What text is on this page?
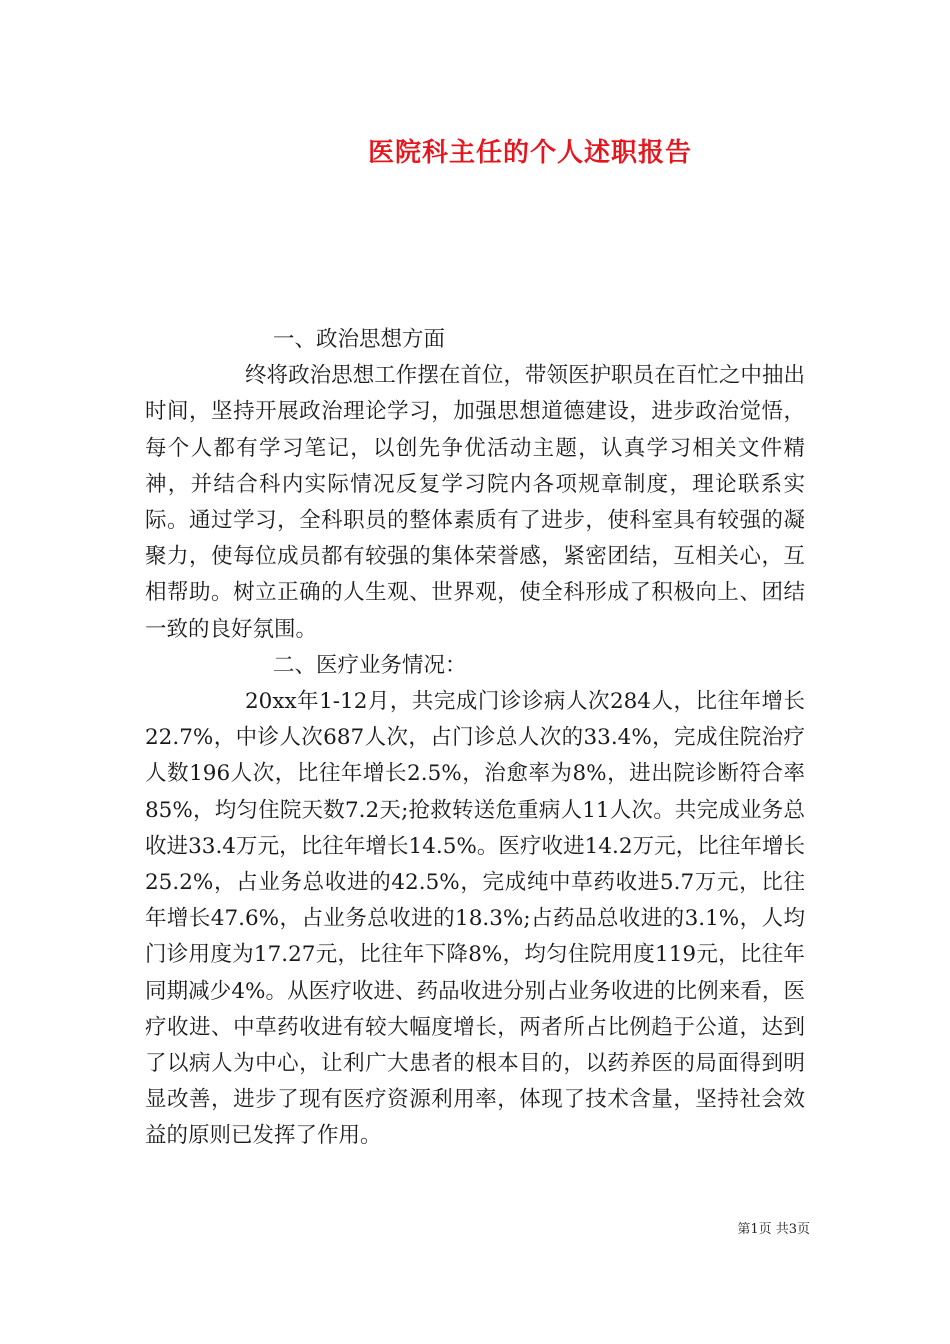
医院科主任的个人述职报告

一、政治思想方面

终将政治思想工作摆在首位，带领医护职员在百忙之中抽出时间，坚持开展政治理论学习，加强思想道德建设，进步政治觉悟，每个人都有学习笔记，以创先争优活动主题，认真学习相关文件精神，并结合科内实际情况反复学习院内各项规章制度，理论联系实际。通过学习，全科职员的整体素质有了进步，使科室具有较强的凝聚力，使每位成员都有较强的集体荣誉感，紧密团结，互相关心，互相帮助。树立正确的人生观、世界观，使全科形成了积极向上、团结一致的良好氛围。

二、医疗业务情况：

20xx年1-12月，共完成门诊诊病人次284人，比往年增长22.7%，中诊人次687人次，占门诊总人次的33.4%，完成住院治疗人数196人次，比往年增长2.5%，治愈率为8%，进出院诊断符合率85%，均匀住院天数7.2天;抢救转送危重病人11人次。共完成业务总收进33.4万元，比往年增长14.5%。医疗收进14.2万元，比往年增长25.2%，占业务总收进的42.5%，完成纯中草药收进5.7万元，比往年增长47.6%，占业务总收进的18.3%;占药品总收进的3.1%，人均门诊用度为17.27元，比往年下降8%，均匀住院用度119元，比往年同期减少4%。从医疗收进、药品收进分别占业务收进的比例来看，医疗收进、中草药收进有较大幅度增长，两者所占比例趋于公道，达到了以病人为中心，让利广大患者的根本目的，以药养医的局面得到明显改善，进步了现有医疗资源利用率，体现了技术含量，坚持社会效益的原则已发挥了作用。

第1页 共3页
